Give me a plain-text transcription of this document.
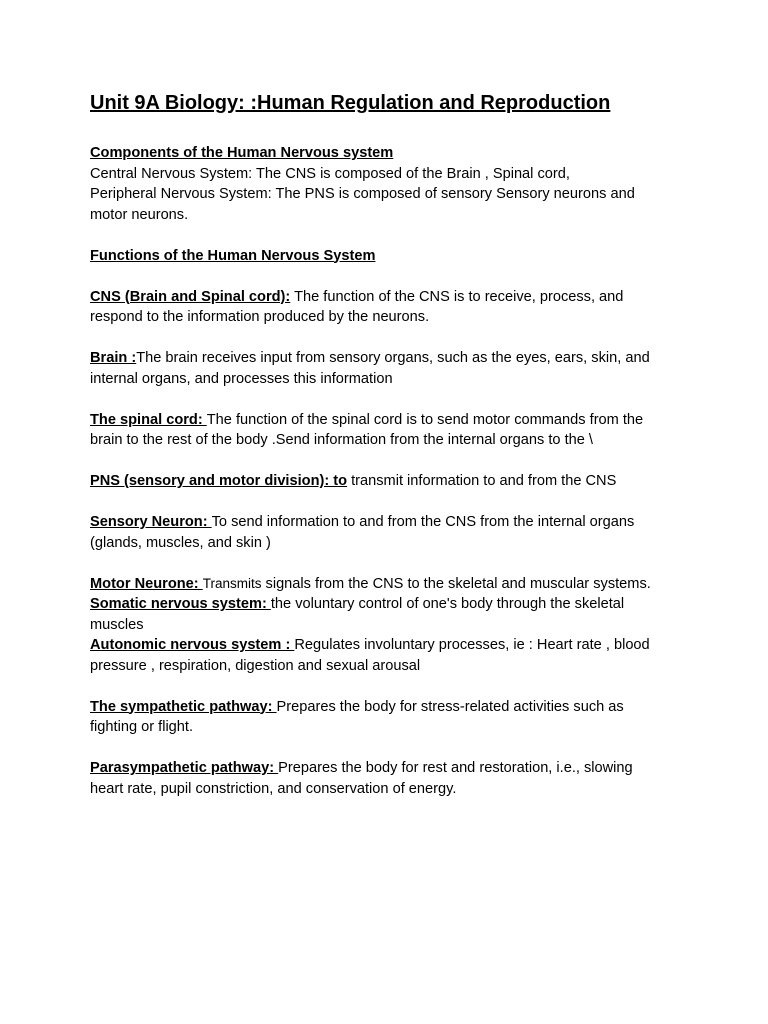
Unit 9A Biology: :Human Regulation and Reproduction

Components of the Human Nervous system

Central Nervous System: The CNS is composed of the Brain , Spinal cord,

Peripheral Nervous System: The PNS is composed of sensory Sensory neurons and

motor neurons.

Functions of the Human Nervous System

CNS (Brain and Spinal cord): The function of the CNS is to receive, process, and

respond to the information produced by the neurons.

Brain :The brain receives input from sensory organs, such as the eyes, ears, skin, and

internal organs, and processes this information

The spinal cord: The function of the spinal cord is to send motor commands from the

brain to the rest of the body .Send information from the internal organs to the \

PNS (sensory and motor division): to transmit information to and from the CNS

Sensory Neuron: To send information to and from the CNS from the internal organs

(glands, muscles, and skin )

Motor Neurone: Transmits signals from the CNS to the skeletal and muscular systems.

Somatic nervous system: the voluntary control of one's body through the skeletal

muscles

Autonomic nervous system : Regulates involuntary processes, ie : Heart rate , blood

pressure , respiration, digestion and sexual arousal

The sympathetic pathway: Prepares the body for stress-related activities such as

fighting or flight.

Parasympathetic pathway: Prepares the body for rest and restoration, i.e., slowing

heart rate, pupil constriction, and conservation of energy.
